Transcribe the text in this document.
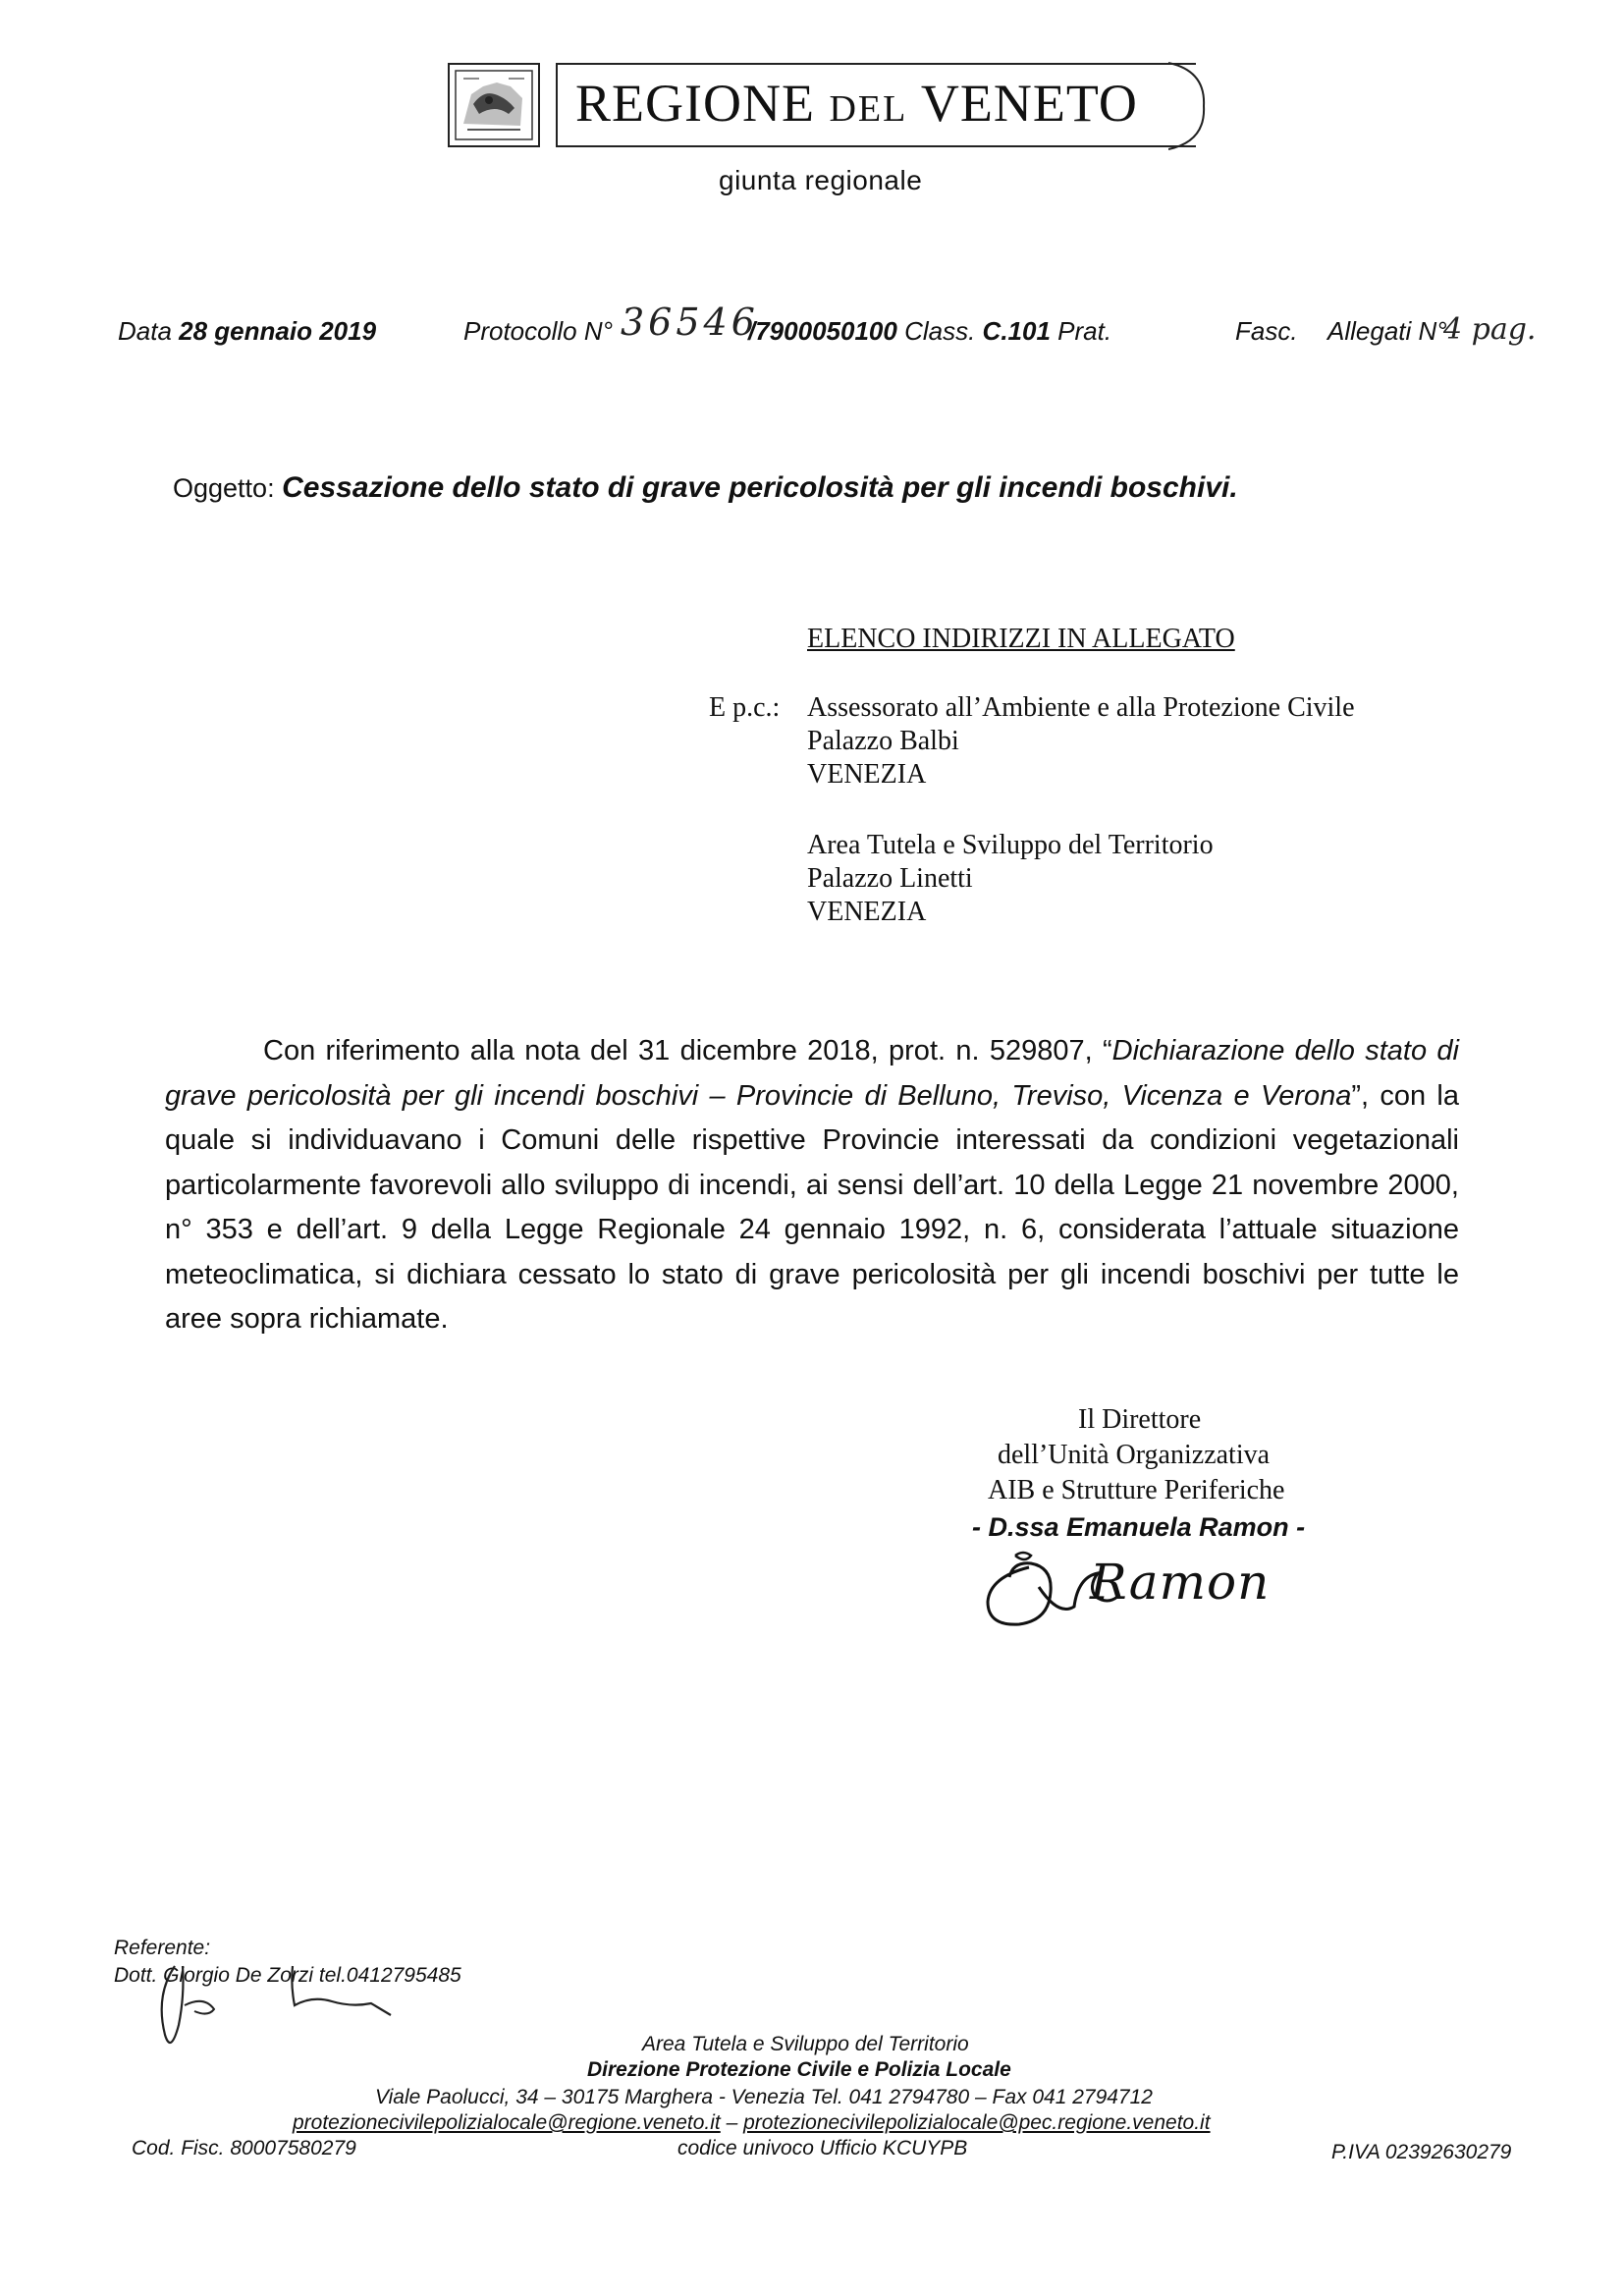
REGIONE DEL VENETO
giunta regionale
Data 28 gennaio 2019	Protocollo N° 36546
/7900050100 Class. C.101 Prat.	Fasc. Allegati N°
4 pag.
Oggetto: Cessazione dello stato di grave pericolosità per gli incendi boschivi.
ELENCO INDIRIZZI IN ALLEGATO
E p.c.: Assessorato all’Ambiente e alla Protezione Civile
Palazzo Balbi
VENEZIA
Area Tutela e Sviluppo del Territorio
Palazzo Linetti
VENEZIA

Con riferimento alla nota del 31 dicembre 2018, prot. n. 529807, “Dichiarazione dello stato di grave pericolosità per gli incendi boschivi – Provincie di Belluno, Treviso, Vicenza e Verona”, con la quale si individuavano i Comuni delle rispettive Provincie interessati da condizioni vegetazionali particolarmente favorevoli allo sviluppo di incendi, ai sensi dell’art. 10 della Legge 21 novembre 2000, n° 353 e dell’art. 9 della Legge Regionale 24 gennaio 1992, n. 6, considerata l’attuale situazione meteoclimatica, si dichiara cessato lo stato di grave pericolosità per gli incendi boschivi per tutte le aree sopra richiamate.

Il Direttore
dell’Unità Organizzativa
AIB e Strutture Periferiche
- D.ssa Emanuela Ramon -
Ramon
Referente:
Dott. Giorgio De Zorzi tel.0412795485
Area Tutela e Sviluppo del Territorio
Direzione Protezione Civile e Polizia Locale
Viale Paolucci, 34 – 30175 Marghera - Venezia Tel. 041 2794780 – Fax 041 2794712
protezionecivilepolizialocale@regione.veneto.it – protezionecivilepolizialocale@pec.regione.veneto.it
Cod. Fisc. 80007580279	codice univoco Ufficio KCUYPB	P.IVA 02392630279
